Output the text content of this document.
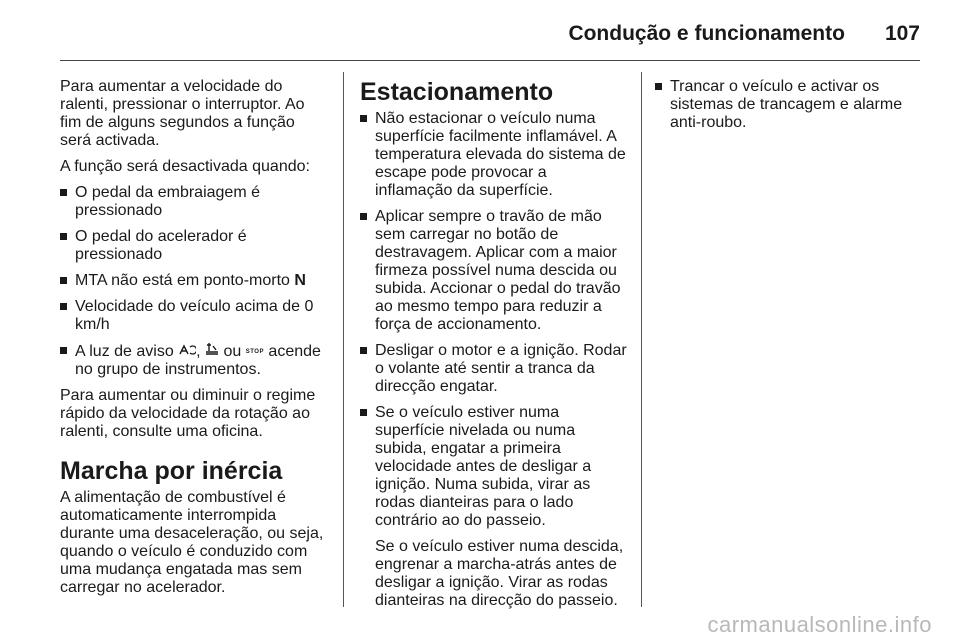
Condução e funcionamento 107

Para aumentar a velocidade do ralenti, pressionar o interruptor. Ao fim de alguns segundos a função será activada.

A função será desactivada quando:

O pedal da embraiagem é pressionado
O pedal do acelerador é pressionado
MTA não está em ponto-morto N
Velocidade do veículo acima de 0 km/h
A luz de aviso ,  ou STOP acende no grupo de instrumentos.

Para aumentar ou diminuir o regime rápido da velocidade da rotação ao ralenti, consulte uma oficina.

Marcha por inércia

A alimentação de combustível é automaticamente interrompida durante uma desaceleração, ou seja, quando o veículo é conduzido com uma mudança engatada mas sem carregar no acelerador.

Estacionamento
Não estacionar o veículo numa superfície facilmente inflamável. A temperatura elevada do sistema de escape pode provocar a inflamação da superfície.
Aplicar sempre o travão de mão sem carregar no botão de destravagem. Aplicar com a maior firmeza possível numa descida ou subida. Accionar o pedal do travão ao mesmo tempo para reduzir a força de accionamento.
Desligar o motor e a ignição. Rodar o volante até sentir a tranca da direcção engatar.
Se o veículo estiver numa superfície nivelada ou numa subida, engatar a primeira velocidade antes de desligar a ignição. Numa subida, virar as rodas dianteiras para o lado contrário ao do passeio.

Se o veículo estiver numa descida, engrenar a marcha-atrás antes de desligar a ignição. Virar as rodas dianteiras na direcção do passeio.

Trancar o veículo e activar os sistemas de trancagem e alarme anti-roubo.
carmanualsonline.info
